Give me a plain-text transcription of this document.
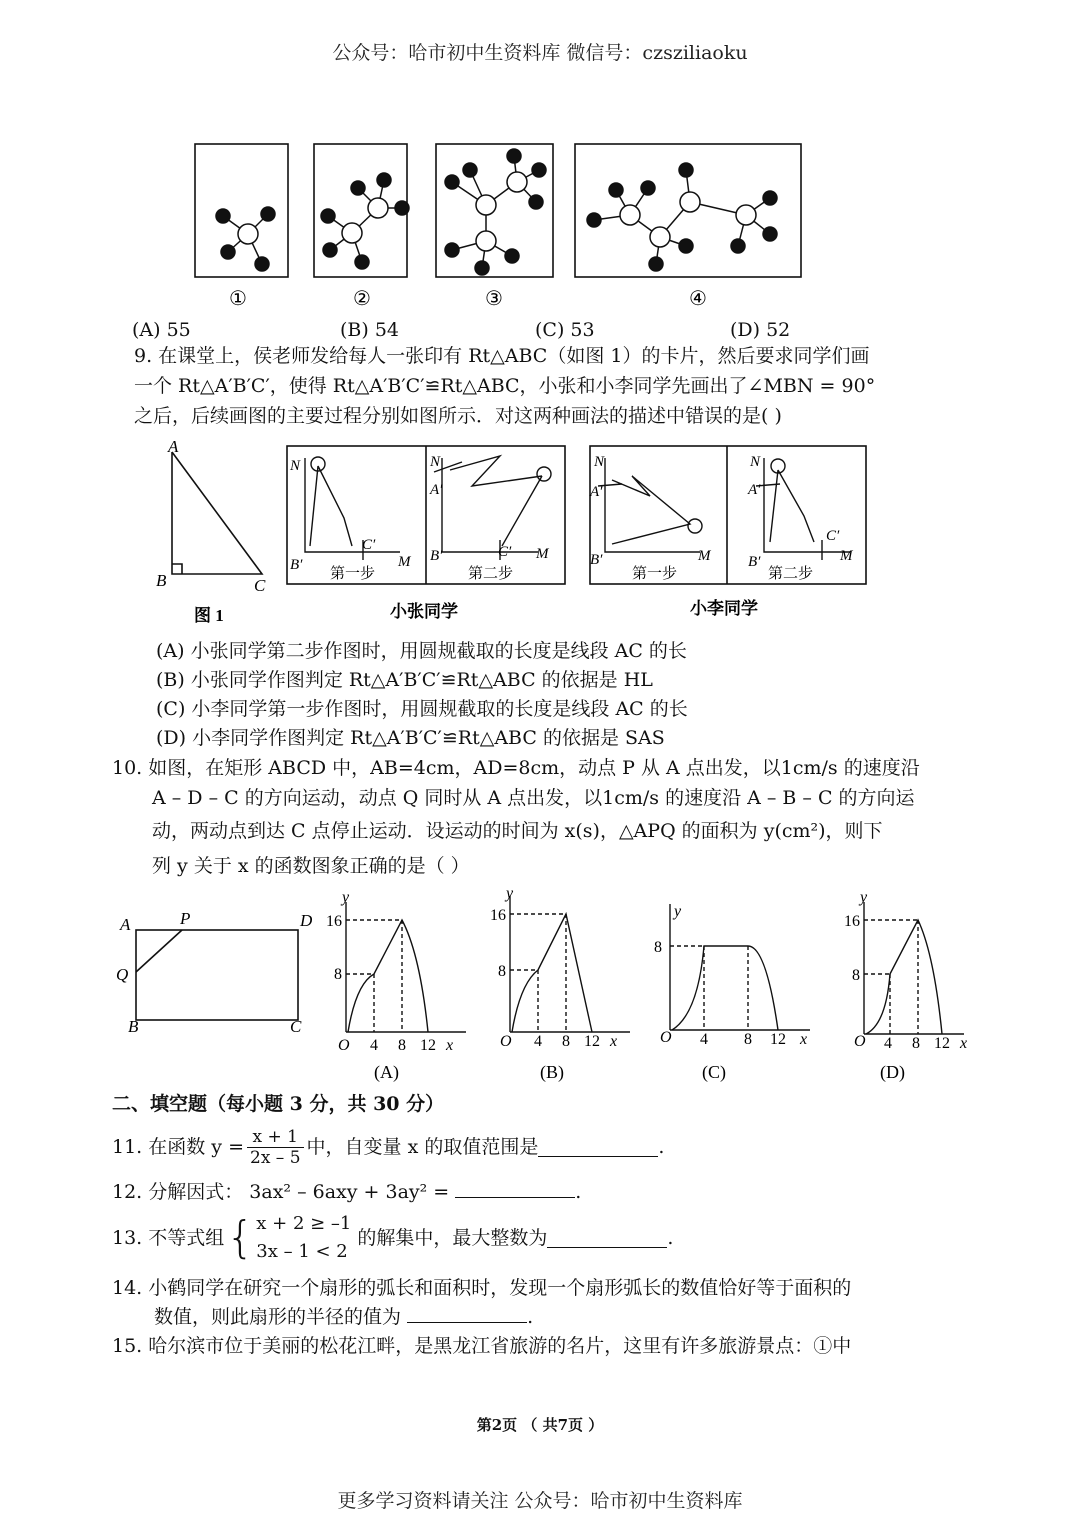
公众号：哈市初中生资料库 微信号：czsziliaoku
①	②	③	④
(A) 55	(B) 54	(C) 53	(D) 52
9. 在课堂上，侯老师发给每人一张印有 Rt△ABC（如图 1）的卡片，然后要求同学们画
一个 Rt△A′B′C′，使得 Rt△A′B′C′≌Rt△ABC，小张和小李同学先画出了∠MBN = 90°
之后，后续画图的主要过程分别如图所示．对这两种画法的描述中错误的是( )
A
B	C
图 1
N
B′
C′
M
第一步
N
A′
B′	C′ M
第二步
N
A′
B′	M
第一步
N
A′
B′
C′
M
第二步
小张同学	小李同学
(A) 小张同学第二步作图时，用圆规截取的长度是线段 AC 的长
(B) 小张同学作图判定 Rt△A′B′C′≌Rt△ABC 的依据是 HL
(C) 小李同学第一步作图时，用圆规截取的长度是线段 AC 的长
(D) 小李同学作图判定 Rt△A′B′C′≌Rt△ABC 的依据是 SAS
10. 如图，在矩形 ABCD 中，AB=4cm，AD=8cm，动点 P 从 A 点出发，以1cm/s 的速度沿
A – D – C 的方向运动，动点 Q 同时从 A 点出发，以1cm/s 的速度沿 A – B – C 的方向运
动，两动点到达 C 点停止运动．设运动的时间为 x(s)，△APQ 的面积为 y(cm²)，则下
列 y 关于 x 的函数图象正确的是（ ）
A	P	D
Q
B	C
O 4 8 12 x
8
16
y
(A)
O 4 8 12 x
8
16
y
(B)
O 4 8 12 x
8
y
(C)
O 4 8 12 x
8
16
y
(D)
二、填空题（每小题 3 分，共 30 分）
11. 在函数 $y = \frac{x + 1}{2x - 5}$ 中，自变量 x 的取值范围是	.
12. 分解因式： 3ax² – 6axy + 3ay² =	.
13. 不等式组 { x + 2 ≥ –1
3x – 1 < 2
的解集中，最大整数为	.
14. 小鹤同学在研究一个扇形的弧长和面积时，发现一个扇形弧长的数值恰好等于面积的
数值，则此扇形的半径的值为	.
15. 哈尔滨市位于美丽的松花江畔，是黑龙江省旅游的名片，这里有许多旅游景点：①中
第2页 （ 共7页 ）
更多学习资料请关注 公众号：哈市初中生资料库
